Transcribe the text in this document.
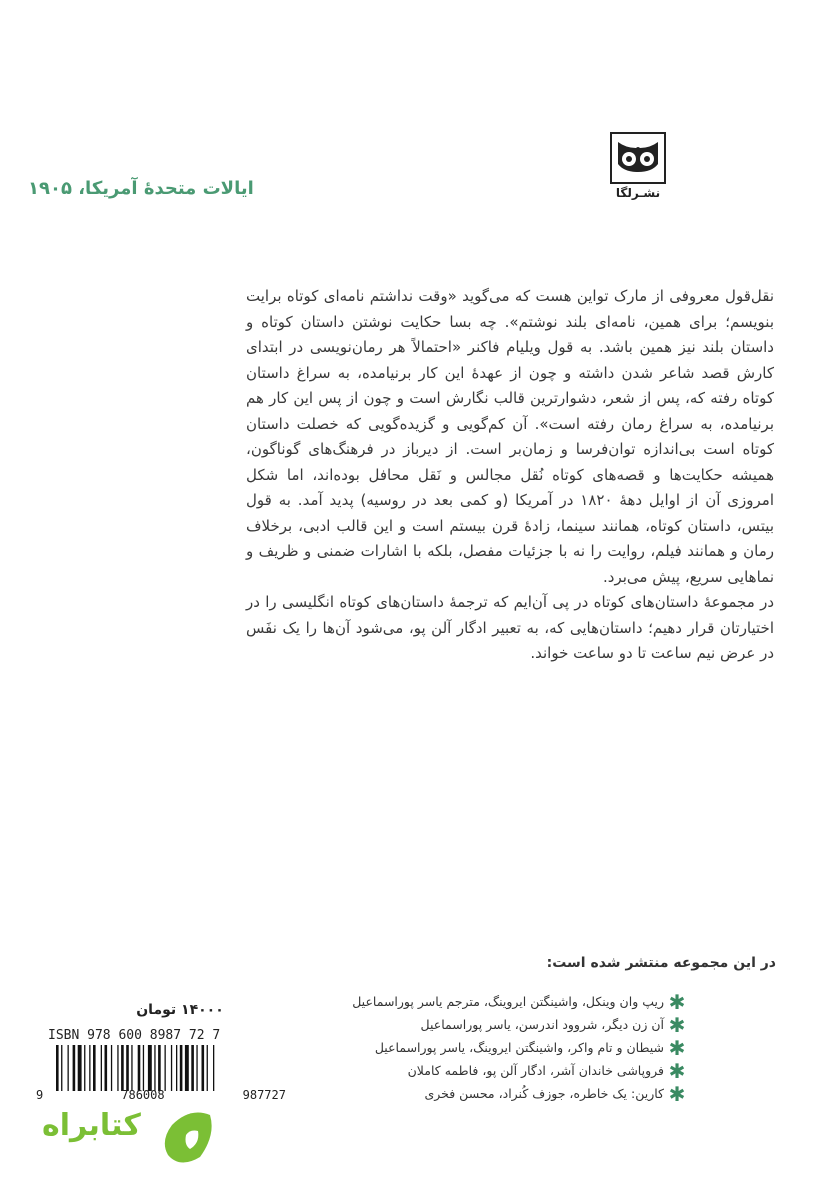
نشـر‌لگا
ایالات متحدهٔ آمریکا، ۱۹۰۵

نقل‌قول معروفی از مارک تواین هست که می‌گوید «وقت نداشتم نامه‌ای کوتاه برایت بنویسم؛ برای همین، نامه‌ای بلند نوشتم». چه بسا حکایت نوشتن داستان کوتاه و داستان بلند نیز همین باشد. به قول ویلیام فاکنر «احتمالاً هر رمان‌نویسی در ابتدای کارش قصد شاعر شدن داشته و چون از عهدهٔ این کار برنیامده، به سراغ داستان کوتاه رفته که، پس از شعر، دشوارترین قالب نگارش است و چون از پس این کار هم برنیامده، به سراغ رمان رفته است». آن کم‌گویی و گزیده‌گویی که خصلت داستان کوتاه است بی‌اندازه توان‌فرسا و زمان‌بر است. از دیرباز در فرهنگ‌های گوناگون، همیشه حکایت‌ها و قصه‌های کوتاه نُقل مجالس و نَقل محافل بوده‌اند، اما شکل امروزی آن از اوایل دههٔ ۱۸۲۰ در آمریکا (و کمی بعد در روسیه) پدید آمد. به قول بیتس، داستان کوتاه، همانند سینما، زادهٔ قرن بیستم است و این قالب ادبی، برخلاف رمان و همانند فیلم، روایت را نه با جزئیات مفصل، بلکه با اشارات ضمنی و ظریف و نماهایی سریع، پیش می‌برد.

در مجموعهٔ داستان‌های کوتاه در پی آن‌ایم که ترجمهٔ داستان‌های کوتاه انگلیسی را در اختیارتان قرار دهیم؛ داستان‌هایی که، به تعبیر ادگار آلن پو، می‌شود آن‌ها را یک نفَس در عرض نیم ساعت تا دو ساعت خواند.

در این مجموعه منتشر شده است:
✱
ریپ وان وینکل، واشینگتن ایروینگ، مترجم یاسر پوراسماعیل
✱
آن زن دیگر، شروود اندرسن، یاسر پوراسماعیل
✱
شیطان و تام واکر، واشینگتن ایروینگ، یاسر پوراسماعیل
✱
فروپاشی خاندان آشر، ادگار آلن پو، فاطمه کاملان
✱
کارین: یک خاطره، جوزف کُنراد، محسن فخری
۱۴۰۰۰ تومان
ISBN 978 600 8987 72 7
9	786008	987727
کتابراه
